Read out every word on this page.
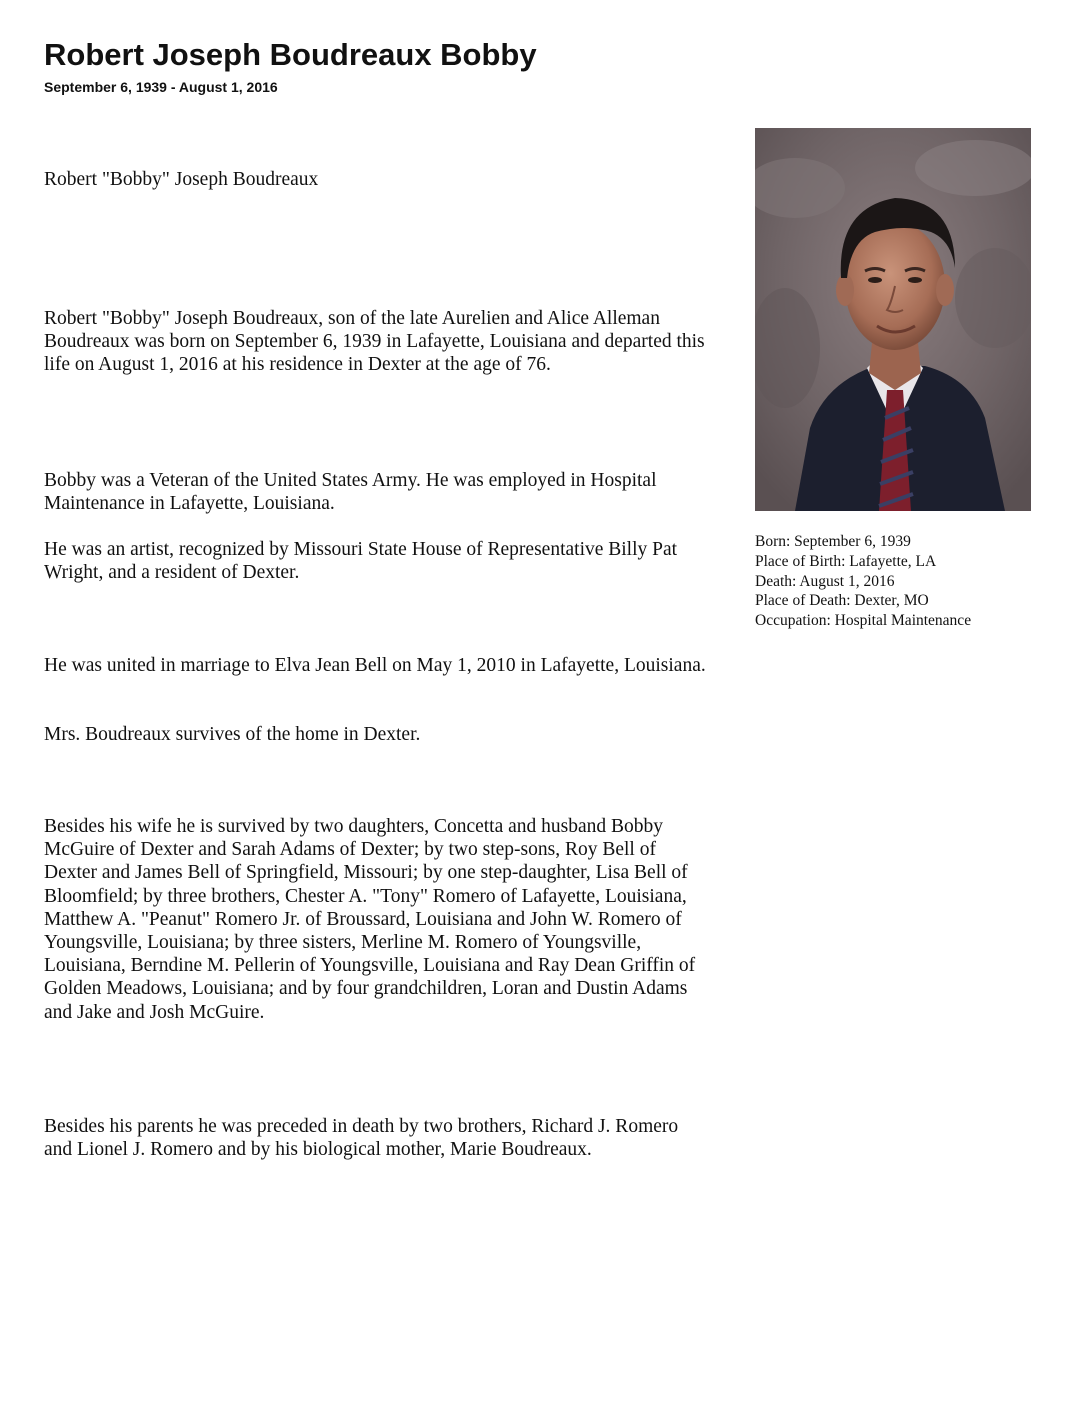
Robert Joseph Boudreaux Bobby
September 6, 1939 - August 1, 2016

Robert "Bobby" Joseph Boudreaux

Robert "Bobby" Joseph Boudreaux, son of the late Aurelien and Alice Alleman Boudreaux was born on September 6, 1939 in Lafayette, Louisiana and departed this life on August 1, 2016 at his residence in Dexter at the age of 76.

Bobby was a Veteran of the United States Army. He was employed in Hospital Maintenance in Lafayette, Louisiana.

He was an artist, recognized by Missouri State House of Representative Billy Pat Wright, and a resident of Dexter.

He was united in marriage to Elva Jean Bell on May 1, 2010 in Lafayette, Louisiana.

Mrs. Boudreaux survives of the home in Dexter.

Besides his wife he is survived by two daughters, Concetta and husband Bobby McGuire of Dexter and Sarah Adams of Dexter; by two step-sons, Roy Bell of Dexter and James Bell of Springfield, Missouri; by one step-daughter, Lisa Bell of Bloomfield; by three brothers, Chester A. "Tony" Romero of Lafayette, Louisiana, Matthew A. "Peanut" Romero Jr. of Broussard, Louisiana and John W. Romero of Youngsville, Louisiana; by three sisters, Merline M. Romero of Youngsville, Louisiana, Berndine M. Pellerin of Youngsville, Louisiana and Ray Dean Griffin of Golden Meadows, Louisiana; and by four grandchildren, Loran and Dustin Adams and Jake and Josh McGuire.

Besides his parents he was preceded in death by two brothers, Richard J. Romero and Lionel J. Romero and by his biological mother, Marie Boudreaux.

Born: September 6, 1939
Place of Birth: Lafayette, LA
Death: August 1, 2016
Place of Death: Dexter, MO
Occupation: Hospital Maintenance
